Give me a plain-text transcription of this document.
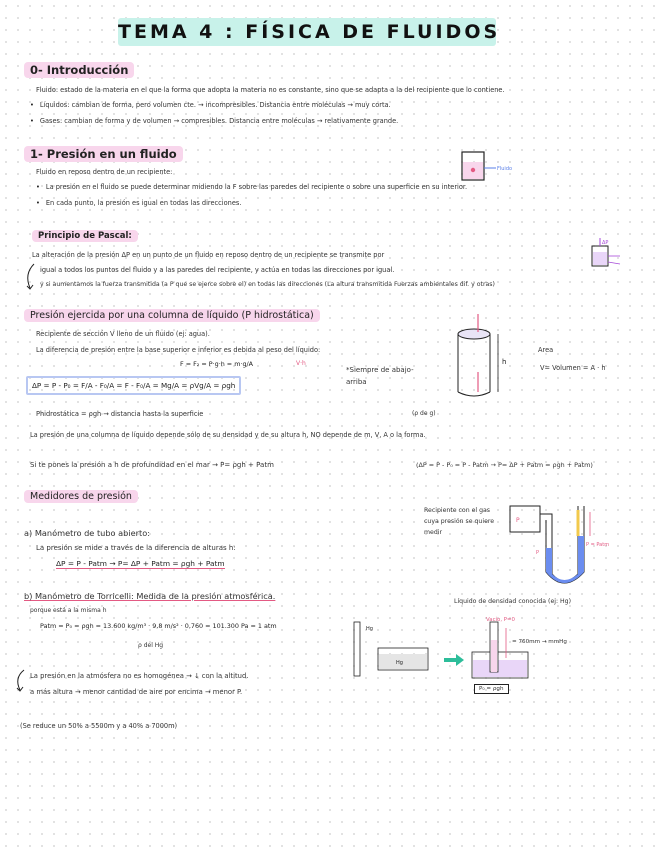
TEMA 4 : FÍSICA DE FLUIDOS
0- Introducción
Fluido: estado de la materia en el que la forma que adopta la materia no es constante, sino que se adapta a la del recipiente que lo contiene.
• Líquidos: cambian de forma, pero volumen cte. → incompresibles. Distancia entre moléculas → muy corta.
• Gases: cambian de forma y de volumen → compresibles. Distancia entre moléculas → relativamente grande.
1- Presión en un fluido
Fluido en reposo dentro de un recipiente:
• La presión en el fluido se puede determinar midiendo la F sobre las paredes del recipiente o sobre una superficie en su interior.
• En cada punto, la presión es igual en todas las direcciones.
Fluido
Principio de Pascal:
La alteración de la presión ΔP en un punto de un fluido en reposo dentro de un recipiente se transmite por
igual a todos los puntos del fluido y a las paredes del recipiente, y actúa en todas las direcciones por igual.
y si aumentamos la fuerza transmitida (a P que se ejerce sobre el) en todas las direcciones (La altura transmitida Fuerzas ambientales dif. y otras)
ΔP
Presión ejercida por una columna de líquido (P hidrostática)
Recipiente de sección V lleno de un fluido (ej: agua).
La diferencia de presión entre la base superior e inferior es debida al peso del líquido:
F = F₂ = P·g·h = m·g/A	V·h
ΔP = P - P₀ = F/A - F₀/A = F - F₀/A = Mg/A = ρVg/A = ρgh
*Siempre de abajo-arriba
h
Area
V= Volumen = A · h
Phidrostática = ρgh → distancia hasta la superficie	(ρ de g)
La presión de una columna de líquido depende sólo de su densidad y de su altura h, NO depende de m, V, A o la forma.
Si te pones la presión a h de profundidad en el mar → P= ρgh + Patm	(ΔP = P - P₀ = P - Patm → P= ΔP + Patm = ρgh + Patm)
Medidores de presión
a) Manómetro de tubo abierto:
La presión se mide a través de la diferencia de alturas h:
ΔP = P - Patm → P= ΔP + Patm = ρgh + Patm
Recipiente con el gas cuya presión se quiere medir
P
P = Patm
P
Líquido de densidad conocida (ej: Hg)
b) Manómetro de Torricelli: Medida de la presión atmosférica.
porque está a la misma h
Patm = P₀ = ρgh = 13.600 kg/m³ · 9,8 m/s² · 0,760 = 101.300 Pa = 1 atm
ρ del Hg
Hg
Hg
Vacío, P=0
= 760mm → mmHg
P₀ = ρgh
La presión en la atmósfera no es homogénea → ↓ con la altitud.
a más altura → menor cantidad de aire por encima → menor P.
(Se reduce un 50% a 5500m y a 40% a 7000m)
